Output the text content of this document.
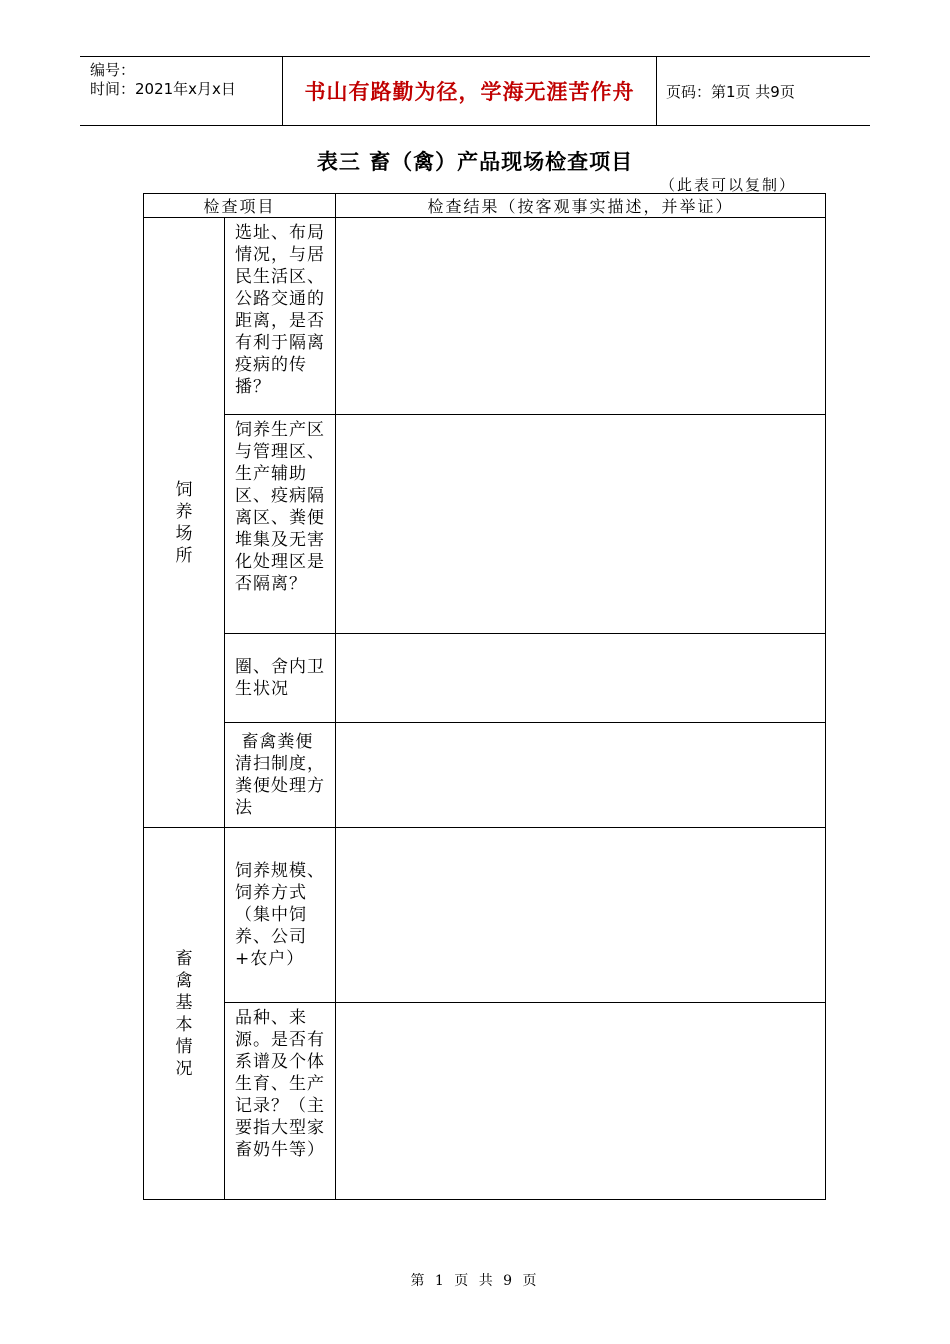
编号：
时间：2021年x月x日	书山有路勤为径，学海无涯苦作舟	页码：第1页 共9页
表三 畜（禽）产品现场检查项目
（此表可以复制）
检查项目		检查结果（按客观事实描述，并举证）
饲养场所	选址、布局情况，与居民生活区、公路交通的距离，是否有利于隔离疫病的传播？	
	饲养生产区与管理区、生产辅助区、疫病隔离区、粪便堆集及无害化处理区是否隔离？	
	圈、舍内卫生状况	
	畜禽粪便清扫制度，粪便处理方法	
畜禽基本情况	饲养规模、饲养方式（集中饲养、公司+农户）	
	品种、来源。是否有系谱及个体生育、生产记录？（主要指大型家畜奶牛等）	
第 1 页 共 9 页
